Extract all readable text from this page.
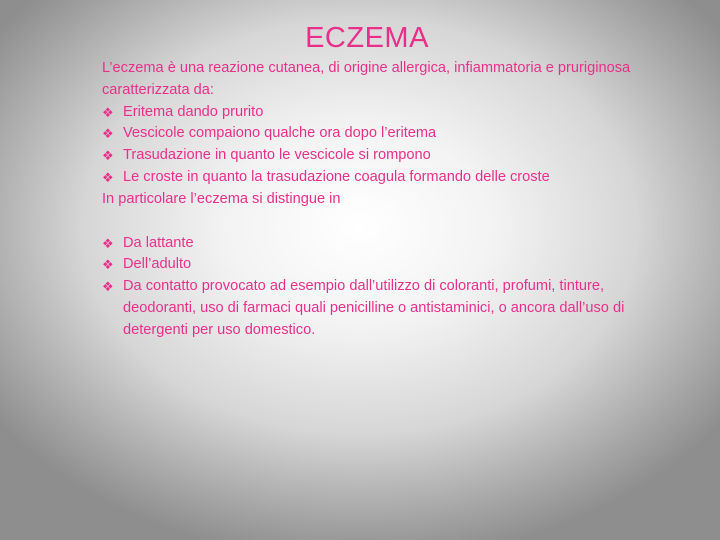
ECZEMA

L’eczema è una reazione cutanea, di origine allergica, infiammatoria e pruriginosa caratterizzata da:

❖ Eritema dando prurito
❖ Vescicole compaiono qualche ora dopo l’eritema
❖ Trasudazione in quanto le vescicole si rompono
❖ Le croste in quanto la trasudazione coagula formando delle croste

In particolare l’eczema si distingue in

❖ Da lattante
❖ Dell’adulto
❖ Da contatto provocato ad esempio dall’utilizzo di coloranti, profumi, tinture, deodoranti, uso di farmaci quali penicilline o antistaminici, o ancora dall’uso di detergenti per uso domestico.
